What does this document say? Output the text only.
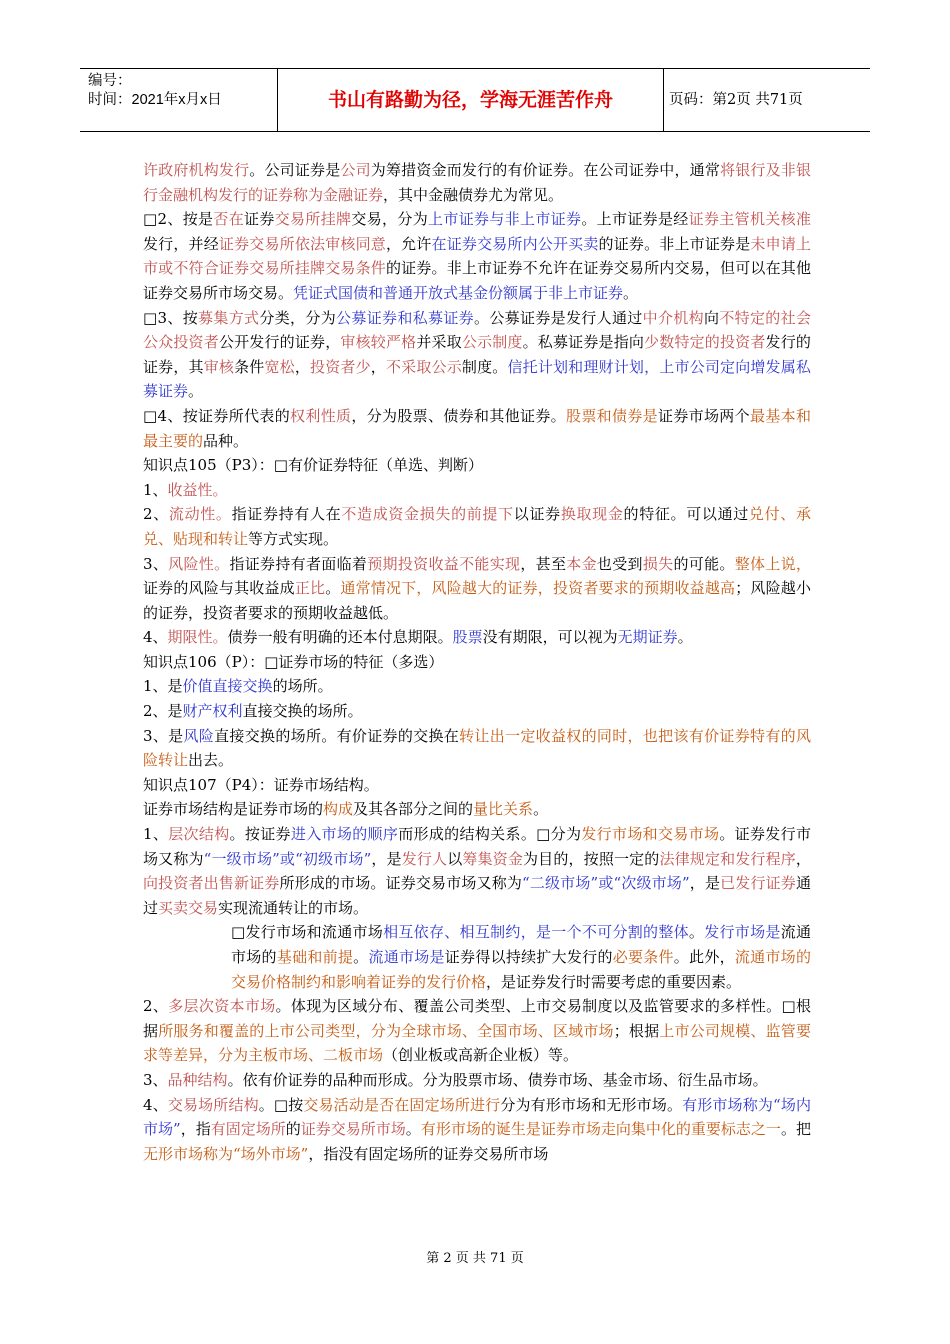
编号：
时间：2021年x月x日	书山有路勤为径，学海无涯苦作舟	页码：第2页 共71页

许政府机构发行。公司证券是公司为筹措资金而发行的有价证券。在公司证券中，通常将银行及非银行金融机构发行的证券称为金融证券，其中金融债券尤为常见。

□2、按是否在证券交易所挂牌交易，分为上市证券与非上市证券。上市证券是经证券主管机关核准发行，并经证券交易所依法审核同意，允许在证券交易所内公开买卖的证券。非上市证券是未申请上市或不符合证券交易所挂牌交易条件的证券。非上市证券不允许在证券交易所内交易，但可以在其他证券交易所市场交易。凭证式国债和普通开放式基金份额属于非上市证券。

□3、按募集方式分类，分为公募证券和私募证券。公募证券是发行人通过中介机构向不特定的社会公众投资者公开发行的证券，审核较严格并采取公示制度。私募证券是指向少数特定的投资者发行的证券，其审核条件宽松，投资者少，不采取公示制度。信托计划和理财计划，上市公司定向增发属私募证券。

□4、按证券所代表的权利性质，分为股票、债券和其他证券。股票和债券是证券市场两个最基本和最主要的品种。

知识点105（P3）：□有价证券特征（单选、判断）

1、收益性。

2、流动性。指证券持有人在不造成资金损失的前提下以证券换取现金的特征。可以通过兑付、承兑、贴现和转让等方式实现。

3、风险性。指证券持有者面临着预期投资收益不能实现，甚至本金也受到损失的可能。整体上说，证券的风险与其收益成正比。通常情况下，风险越大的证券，投资者要求的预期收益越高；风险越小的证券，投资者要求的预期收益越低。

4、期限性。债券一般有明确的还本付息期限。股票没有期限，可以视为无期证券。

知识点106（P）：□证券市场的特征（多选）

1、是价值直接交换的场所。

2、是财产权利直接交换的场所。

3、是风险直接交换的场所。有价证券的交换在转让出一定收益权的同时，也把该有价证券特有的风险转让出去。

知识点107（P4）：证券市场结构。

证券市场结构是证券市场的构成及其各部分之间的量比关系。

1、层次结构。按证券进入市场的顺序而形成的结构关系。□分为发行市场和交易市场。证券发行市场又称为“一级市场”或“初级市场”，是发行人以筹集资金为目的，按照一定的法律规定和发行程序，向投资者出售新证券所形成的市场。证券交易市场又称为“二级市场”或“次级市场”，是已发行证券通过买卖交易实现流通转让的市场。

□发行市场和流通市场相互依存、相互制约，是一个不可分割的整体。发行市场是流通市场的基础和前提。流通市场是证券得以持续扩大发行的必要条件。此外，流通市场的交易价格制约和影响着证券的发行价格，是证券发行时需要考虑的重要因素。

2、多层次资本市场。体现为区域分布、覆盖公司类型、上市交易制度以及监管要求的多样性。□根据所服务和覆盖的上市公司类型，分为全球市场、全国市场、区域市场；根据上市公司规模、监管要求等差异，分为主板市场、二板市场（创业板或高新企业板）等。

3、品种结构。依有价证券的品种而形成。分为股票市场、债券市场、基金市场、衍生品市场。

4、交易场所结构。□按交易活动是否在固定场所进行分为有形市场和无形市场。有形市场称为“场内市场”，指有固定场所的证券交易所市场。有形市场的诞生是证券市场走向集中化的重要标志之一。把无形市场称为“场外市场”，指没有固定场所的证券交易所市场

第 2 页 共 71 页
